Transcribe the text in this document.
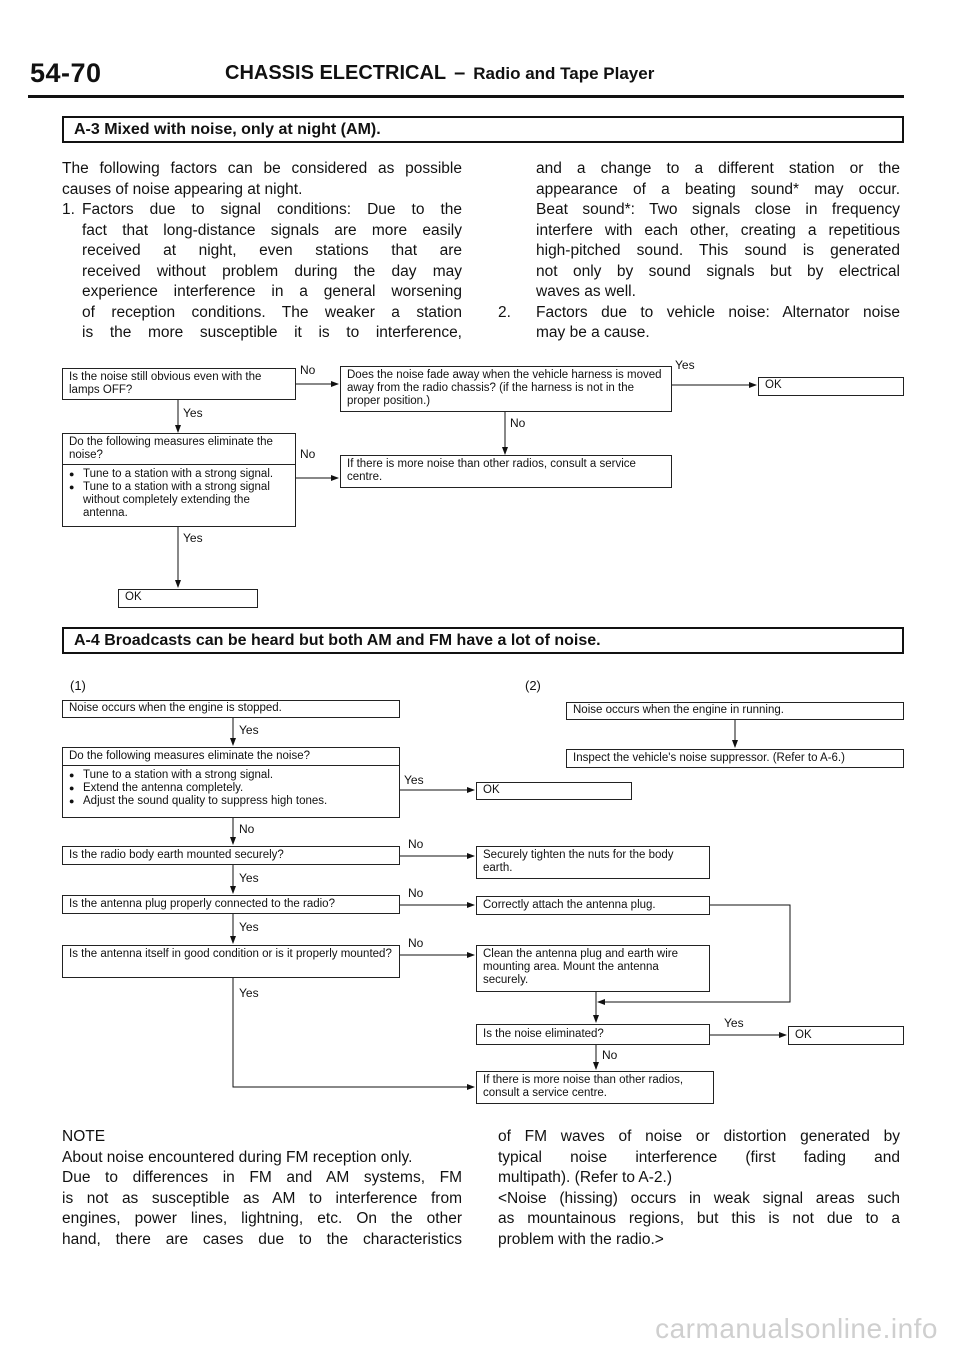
54-70	CHASSIS ELECTRICAL – Radio and Tape Player
A-3 Mixed with noise, only at night (AM).

The following factors can be considered as possible

causes of noise appearing at night.

1. Factors due to signal conditions: Due to the

fact that long-distance signals are more easily

received at night, even stations that are

received without problem during the day may

experience interference in a general worsening

of reception conditions. The weaker a station

is the more susceptible it is to interference,

and a change to a different station or the

appearance of a beating sound* may occur.

Beat sound*: Two signals close in frequency

interfere with each other, creating a repetitious

high-pitched sound. This sound is generated

not only by sound signals but by electrical

waves as well.

2.	Factors due to vehicle noise: Alternator noise

may be a cause.

Is the noise still obvious even with the lamps OFF?
Does the noise fade away when the vehicle harness is moved away from the radio chassis? (if the harness is not in the proper position.)
OK
Do the following measures eliminate the noise?
● Tune to a station with a strong signal.
● Tune to a station with a strong signal without completely extending the antenna.
If there is more noise than other radios, consult a service centre.
OK
No
Yes
Yes
No
No
Yes
A-4 Broadcasts can be heard but both AM and FM have a lot of noise.
(1)	(2)
Noise occurs when the engine is stopped.
Do the following measures eliminate the noise?
● Tune to a station with a strong signal.
● Extend the antenna completely.
● Adjust the sound quality to suppress high tones.
OK
Is the radio body earth mounted securely?	Securely tighten the nuts for the body earth.
Is the antenna plug properly connected to the radio?	Correctly attach the antenna plug.
Is the antenna itself in good condition or is it properly mounted?	Clean the antenna plug and earth wire mounting area. Mount the antenna securely.
Is the noise eliminated?	OK
If there is more noise than other radios, consult a service centre.
Noise occurs when the engine in running.
Inspect the vehicle's noise suppressor. (Refer to A-6.)
Yes
Yes
No
No
Yes
No
Yes
No
Yes
Yes
No

NOTE

About noise encountered during FM reception only.

Due to differences in FM and AM systems, FM

is not as susceptible as AM to interference from

engines, power lines, lightning, etc. On the other

hand, there are cases due to the characteristics

of FM waves of noise or distortion generated by

typical noise interference (first fading and

multipath). (Refer to A-2.)

<Noise (hissing) occurs in weak signal areas such

as mountainous regions, but this is not due to a

problem with the radio.>

carmanualsonline.info
